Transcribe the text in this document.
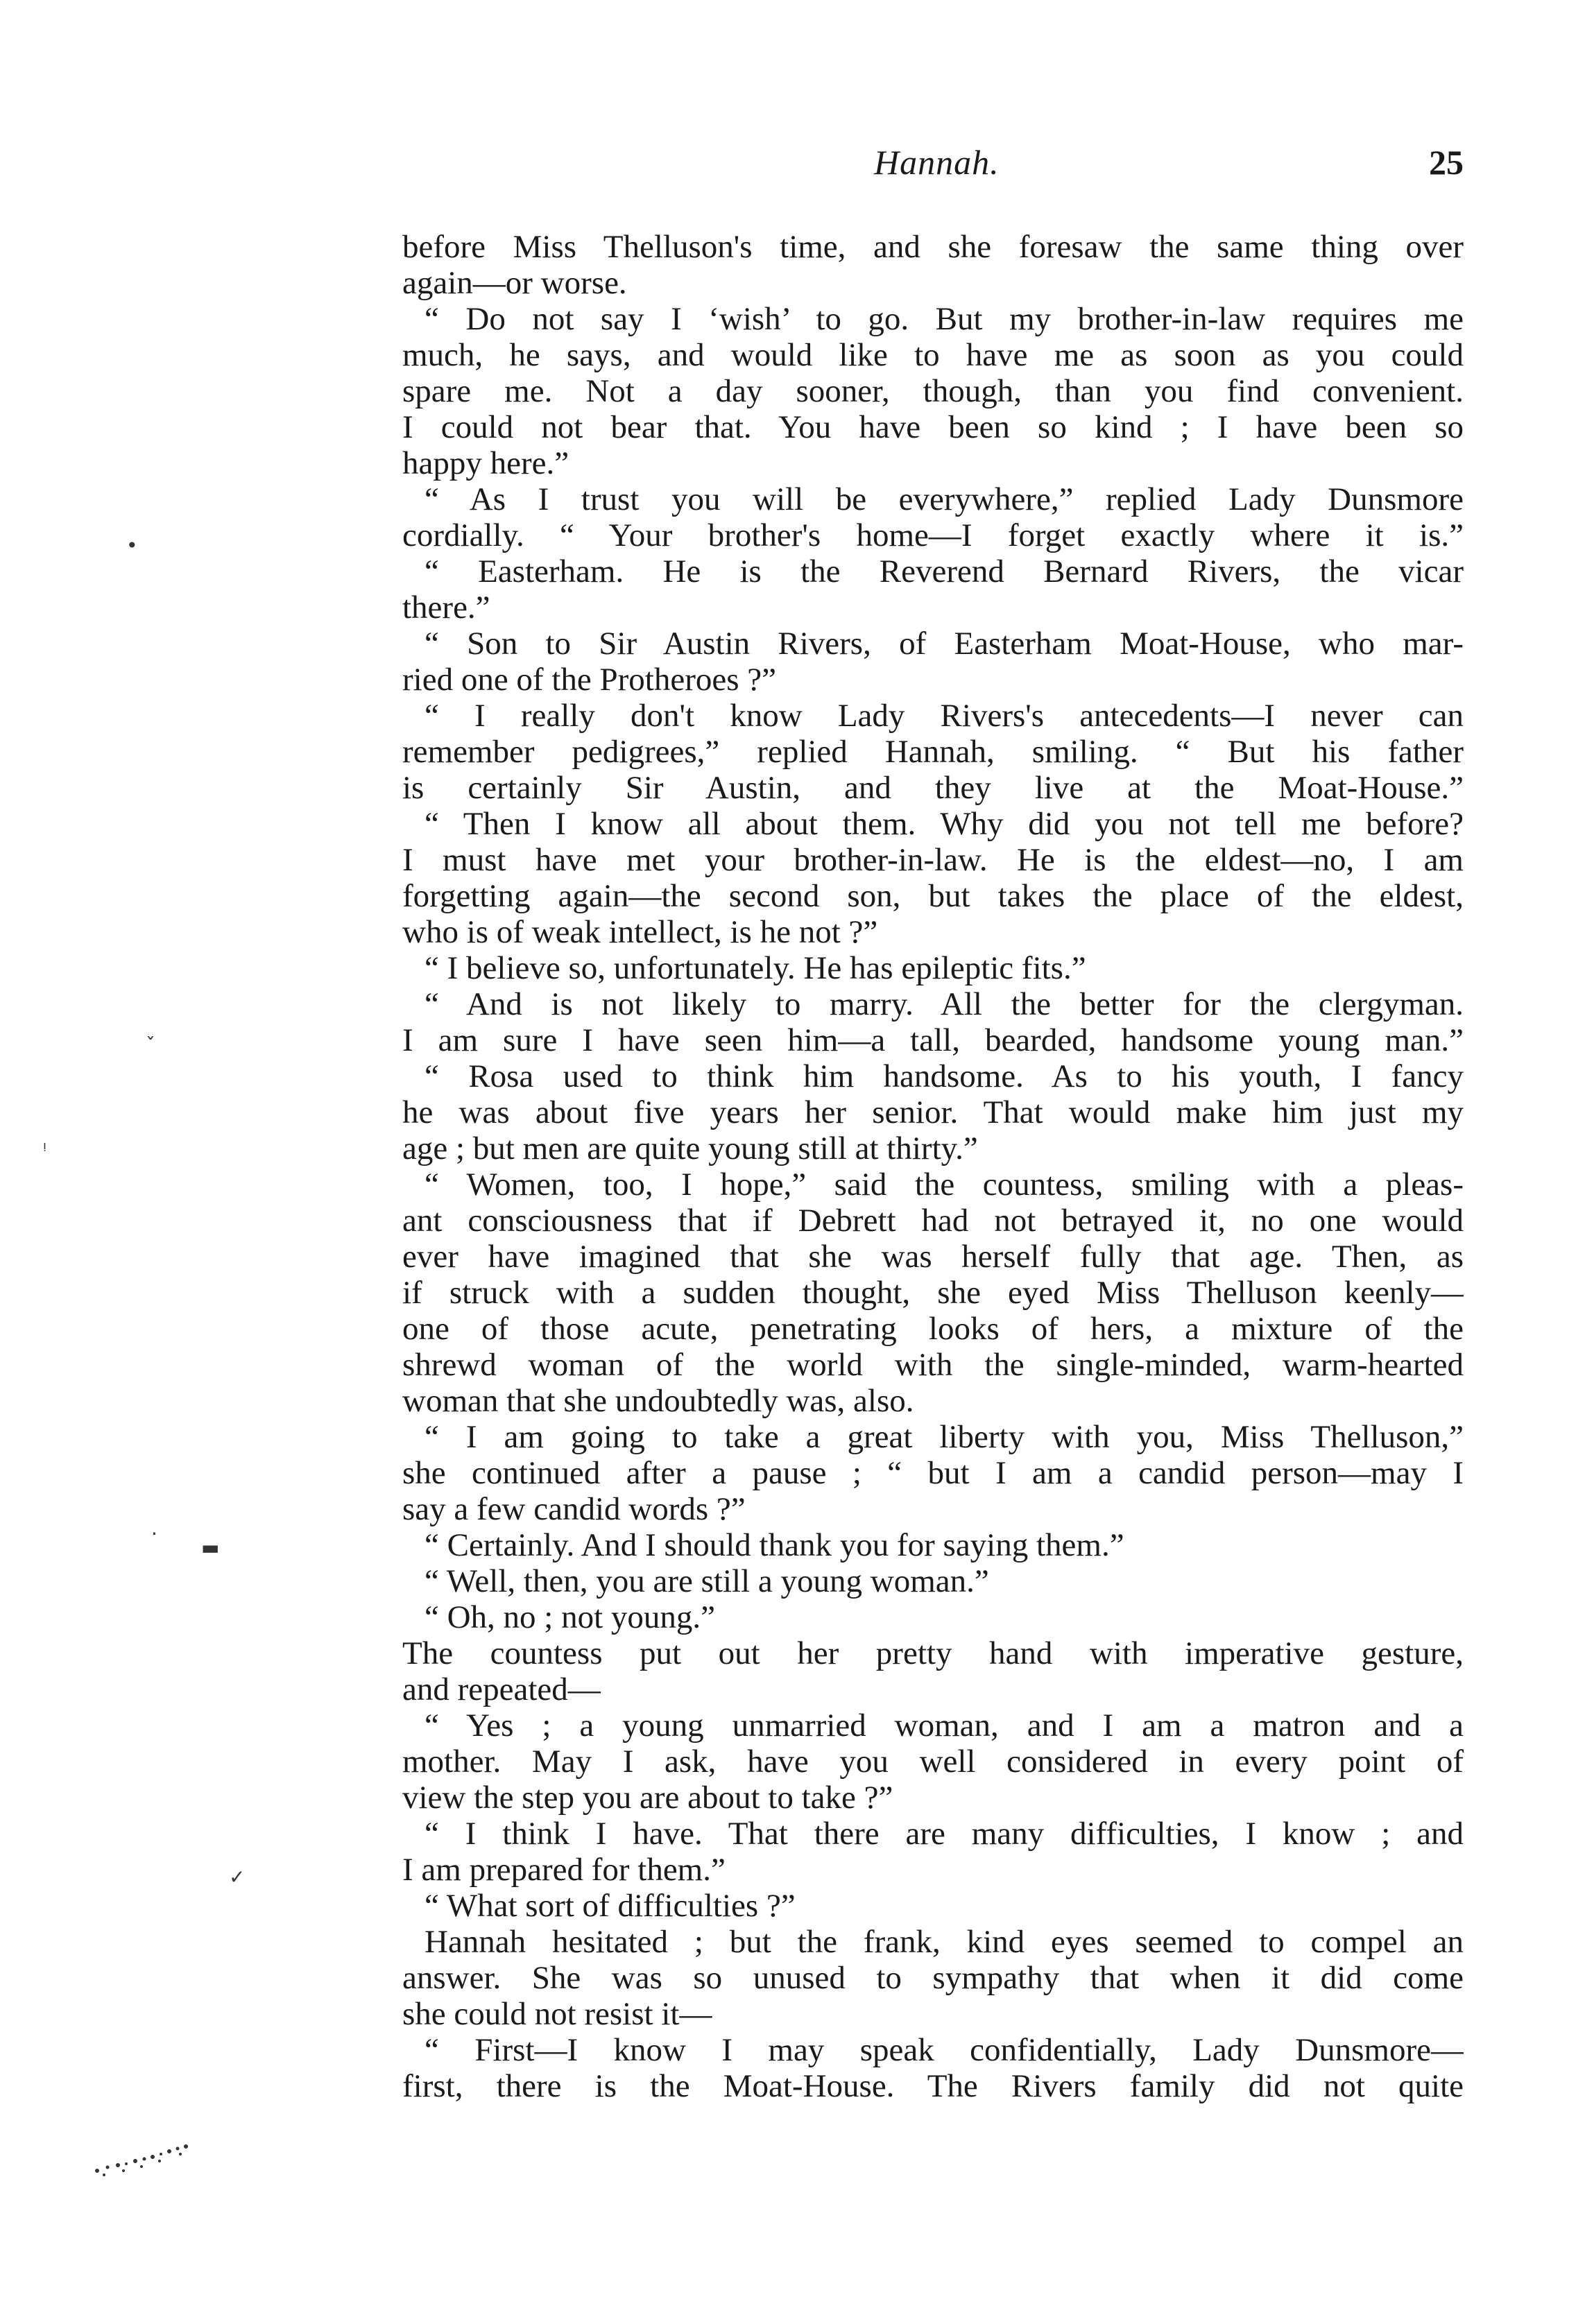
Hannah.	25
before Miss Thelluson's time, and she foresaw the same thing over
again—or worse.
“ Do not say I ‘wish’ to go. But my brother-in-law requires me
much, he says, and would like to have me as soon as you could
spare me. Not a day sooner, though, than you find convenient.
I could not bear that. You have been so kind ; I have been so
happy here.”
“ As I trust you will be everywhere,” replied Lady Dunsmore
cordially. “ Your brother's home—I forget exactly where it is.”
“ Easterham. He is the Reverend Bernard Rivers, the vicar
there.”
“ Son to Sir Austin Rivers, of Easterham Moat-House, who mar-
ried one of the Protheroes ?”
“ I really don't know Lady Rivers's antecedents—I never can
remember pedigrees,” replied Hannah, smiling. “ But his father
is certainly Sir Austin, and they live at the Moat-House.”
“ Then I know all about them. Why did you not tell me before?
I must have met your brother-in-law. He is the eldest—no, I am
forgetting again—the second son, but takes the place of the eldest,
who is of weak intellect, is he not ?”
“ I believe so, unfortunately. He has epileptic fits.”
“ And is not likely to marry. All the better for the clergyman.
I am sure I have seen him—a tall, bearded, handsome young man.”
“ Rosa used to think him handsome. As to his youth, I fancy
he was about five years her senior. That would make him just my
age ; but men are quite young still at thirty.”
“ Women, too, I hope,” said the countess, smiling with a pleas-
ant consciousness that if Debrett had not betrayed it, no one would
ever have imagined that she was herself fully that age. Then, as
if struck with a sudden thought, she eyed Miss Thelluson keenly—
one of those acute, penetrating looks of hers, a mixture of the
shrewd woman of the world with the single-minded, warm-hearted
woman that she undoubtedly was, also.
“ I am going to take a great liberty with you, Miss Thelluson,”
she continued after a pause ; “ but I am a candid person—may I
say a few candid words ?”
“ Certainly. And I should thank you for saying them.”
“ Well, then, you are still a young woman.”
“ Oh, no ; not young.”
The countess put out her pretty hand with imperative gesture,
and repeated—
“ Yes ; a young unmarried woman, and I am a matron and a
mother. May I ask, have you well considered in every point of
view the step you are about to take ?”
“ I think I have. That there are many difficulties, I know ; and
I am prepared for them.”
“ What sort of difficulties ?”
Hannah hesitated ; but the frank, kind eyes seemed to compel an
answer. She was so unused to sympathy that when it did come
she could not resist it—
“ First—I know I may speak confidentially, Lady Dunsmore—
first, there is the Moat-House. The Rivers family did not quite
•
ˇ
ᵎ
·
▬
✓
